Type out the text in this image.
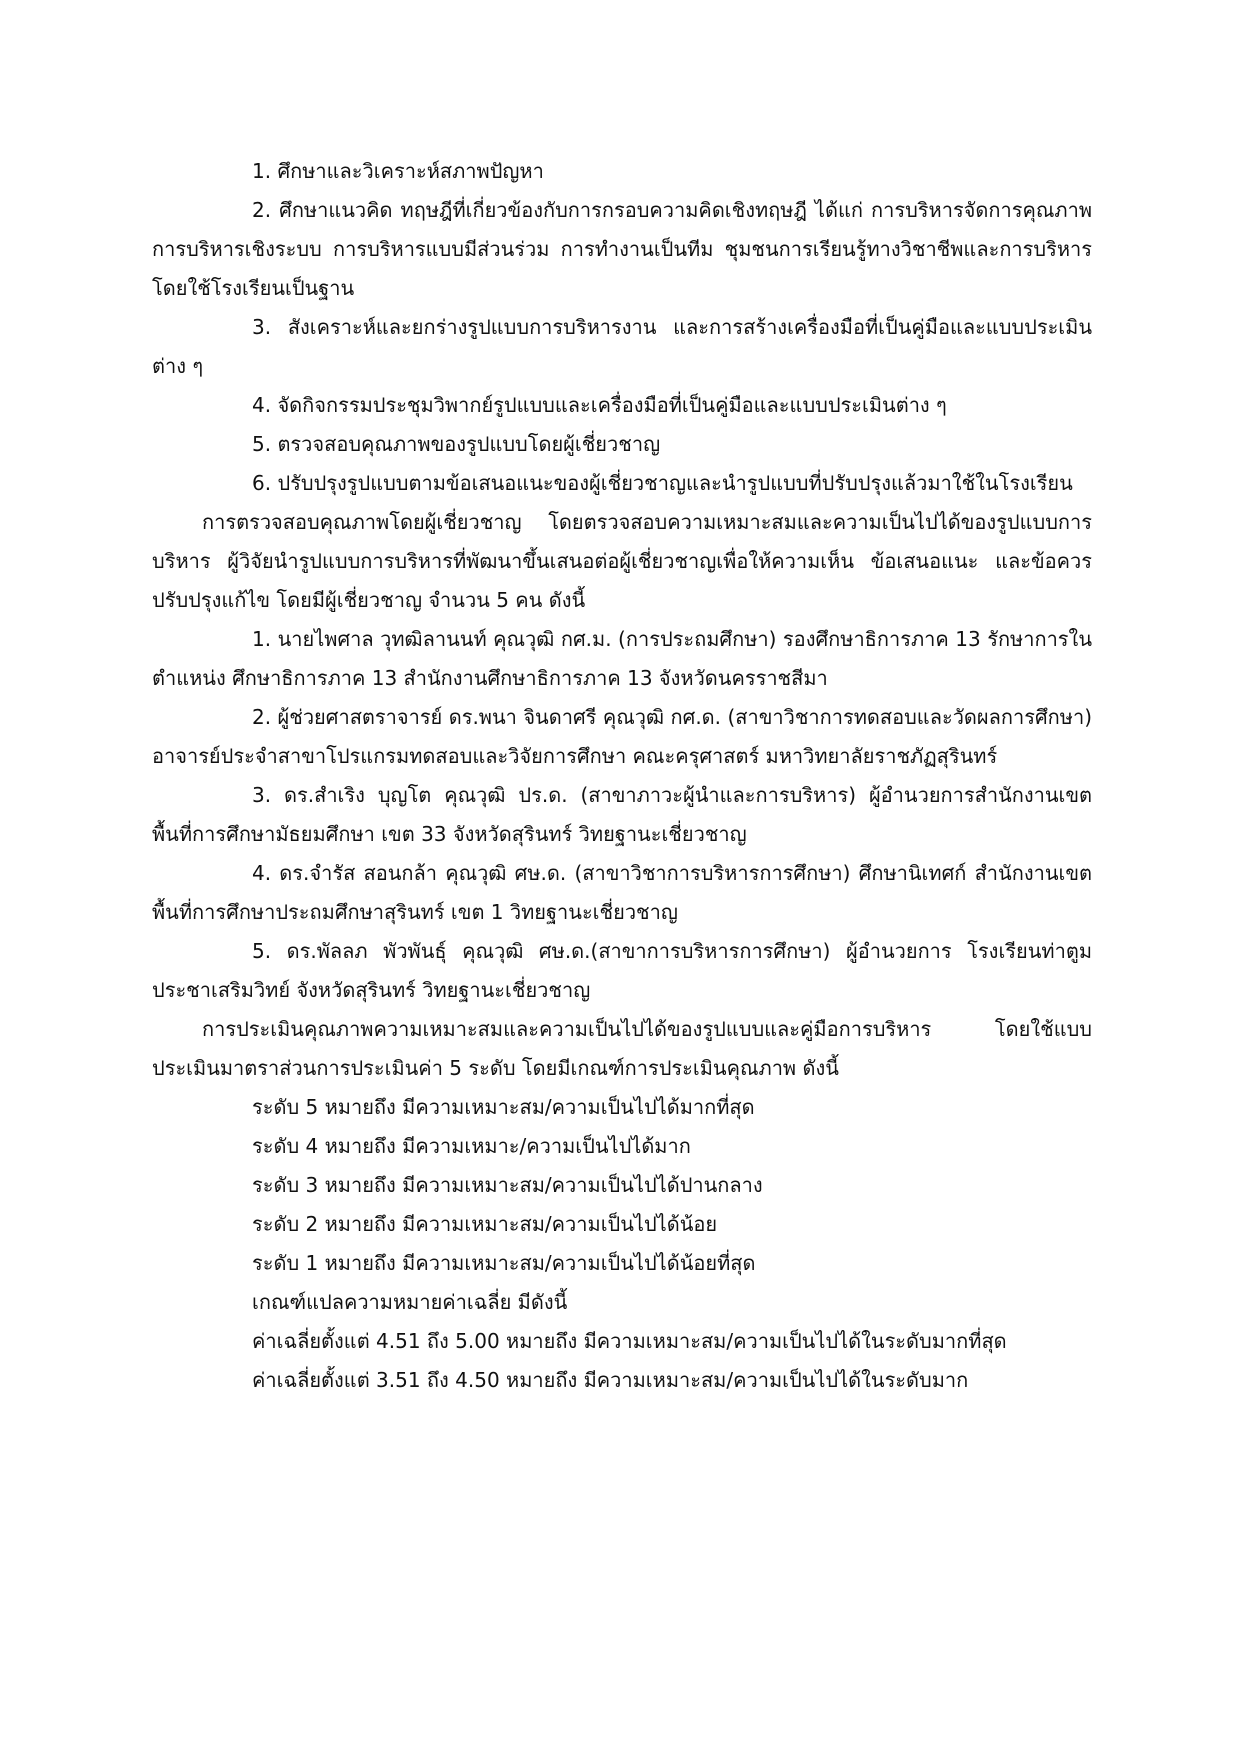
1. ศึกษาและวิเคราะห์สภาพปัญหา

2. ศึกษาแนวคิด ทฤษฎีที่เกี่ยวข้องกับการกรอบความคิดเชิงทฤษฎี ได้แก่ การบริหารจัดการคุณภาพ การบริหารเชิงระบบ การบริหารแบบมีส่วนร่วม การทำงานเป็นทีม ชุมชนการเรียนรู้ทางวิชาชีพและการบริหารโดยใช้โรงเรียนเป็นฐาน

3. สังเคราะห์และยกร่างรูปแบบการบริหารงาน และการสร้างเครื่องมือที่เป็นคู่มือและแบบประเมินต่าง ๆ

4. จัดกิจกรรมประชุมวิพากย์รูปแบบและเครื่องมือที่เป็นคู่มือและแบบประเมินต่าง ๆ

5. ตรวจสอบคุณภาพของรูปแบบโดยผู้เชี่ยวชาญ

6. ปรับปรุงรูปแบบตามข้อเสนอแนะของผู้เชี่ยวชาญและนำรูปแบบที่ปรับปรุงแล้วมาใช้ในโรงเรียน

การตรวจสอบคุณภาพโดยผู้เชี่ยวชาญ โดยตรวจสอบความเหมาะสมและความเป็นไปได้ของรูปแบบการบริหาร ผู้วิจัยนำรูปแบบการบริหารที่พัฒนาขึ้นเสนอต่อผู้เชี่ยวชาญเพื่อให้ความเห็น ข้อเสนอแนะ และข้อควรปรับปรุงแก้ไข โดยมีผู้เชี่ยวชาญ จำนวน 5 คน ดังนี้

1. นายไพศาล วุทฒิลานนท์ คุณวุฒิ กศ.ม. (การประถมศึกษา) รองศึกษาธิการภาค 13 รักษาการในตำแหน่ง ศึกษาธิการภาค 13 สำนักงานศึกษาธิการภาค 13 จังหวัดนครราชสีมา

2. ผู้ช่วยศาสตราจารย์ ดร.พนา จินดาศรี คุณวุฒิ กศ.ด. (สาขาวิชาการทดสอบและวัดผลการศึกษา) อาจารย์ประจำสาขาโปรแกรมทดสอบและวิจัยการศึกษา คณะครุศาสตร์ มหาวิทยาลัยราชภัฏสุรินทร์

3. ดร.สำเริง บุญโต คุณวุฒิ ปร.ด. (สาขาภาวะผู้นำและการบริหาร) ผู้อำนวยการสำนักงานเขตพื้นที่การศึกษามัธยมศึกษา เขต 33 จังหวัดสุรินทร์ วิทยฐานะเชี่ยวชาญ

4. ดร.จำรัส สอนกล้า คุณวุฒิ ศษ.ด. (สาขาวิชาการบริหารการศึกษา) ศึกษานิเทศก์ สำนักงานเขตพื้นที่การศึกษาประถมศึกษาสุรินทร์ เขต 1 วิทยฐานะเชี่ยวชาญ

5. ดร.พัลลภ พัวพันธุ์ คุณวุฒิ ศษ.ด.(สาขาการบริหารการศึกษา) ผู้อำนวยการ โรงเรียนท่าตูมประชาเสริมวิทย์ จังหวัดสุรินทร์ วิทยฐานะเชี่ยวชาญ

การประเมินคุณภาพความเหมาะสมและความเป็นไปได้ของรูปแบบและคู่มือการบริหาร โดยใช้แบบประเมินมาตราส่วนการประเมินค่า 5 ระดับ โดยมีเกณฑ์การประเมินคุณภาพ ดังนี้

ระดับ 5 หมายถึง มีความเหมาะสม/ความเป็นไปได้มากที่สุด

ระดับ 4 หมายถึง มีความเหมาะ/ความเป็นไปได้มาก

ระดับ 3 หมายถึง มีความเหมาะสม/ความเป็นไปได้ปานกลาง

ระดับ 2 หมายถึง มีความเหมาะสม/ความเป็นไปได้น้อย

ระดับ 1 หมายถึง มีความเหมาะสม/ความเป็นไปได้น้อยที่สุด

เกณฑ์แปลความหมายค่าเฉลี่ย มีดังนี้

ค่าเฉลี่ยตั้งแต่ 4.51 ถึง 5.00 หมายถึง มีความเหมาะสม/ความเป็นไปได้ในระดับมากที่สุด

ค่าเฉลี่ยตั้งแต่ 3.51 ถึง 4.50 หมายถึง มีความเหมาะสม/ความเป็นไปได้ในระดับมาก
